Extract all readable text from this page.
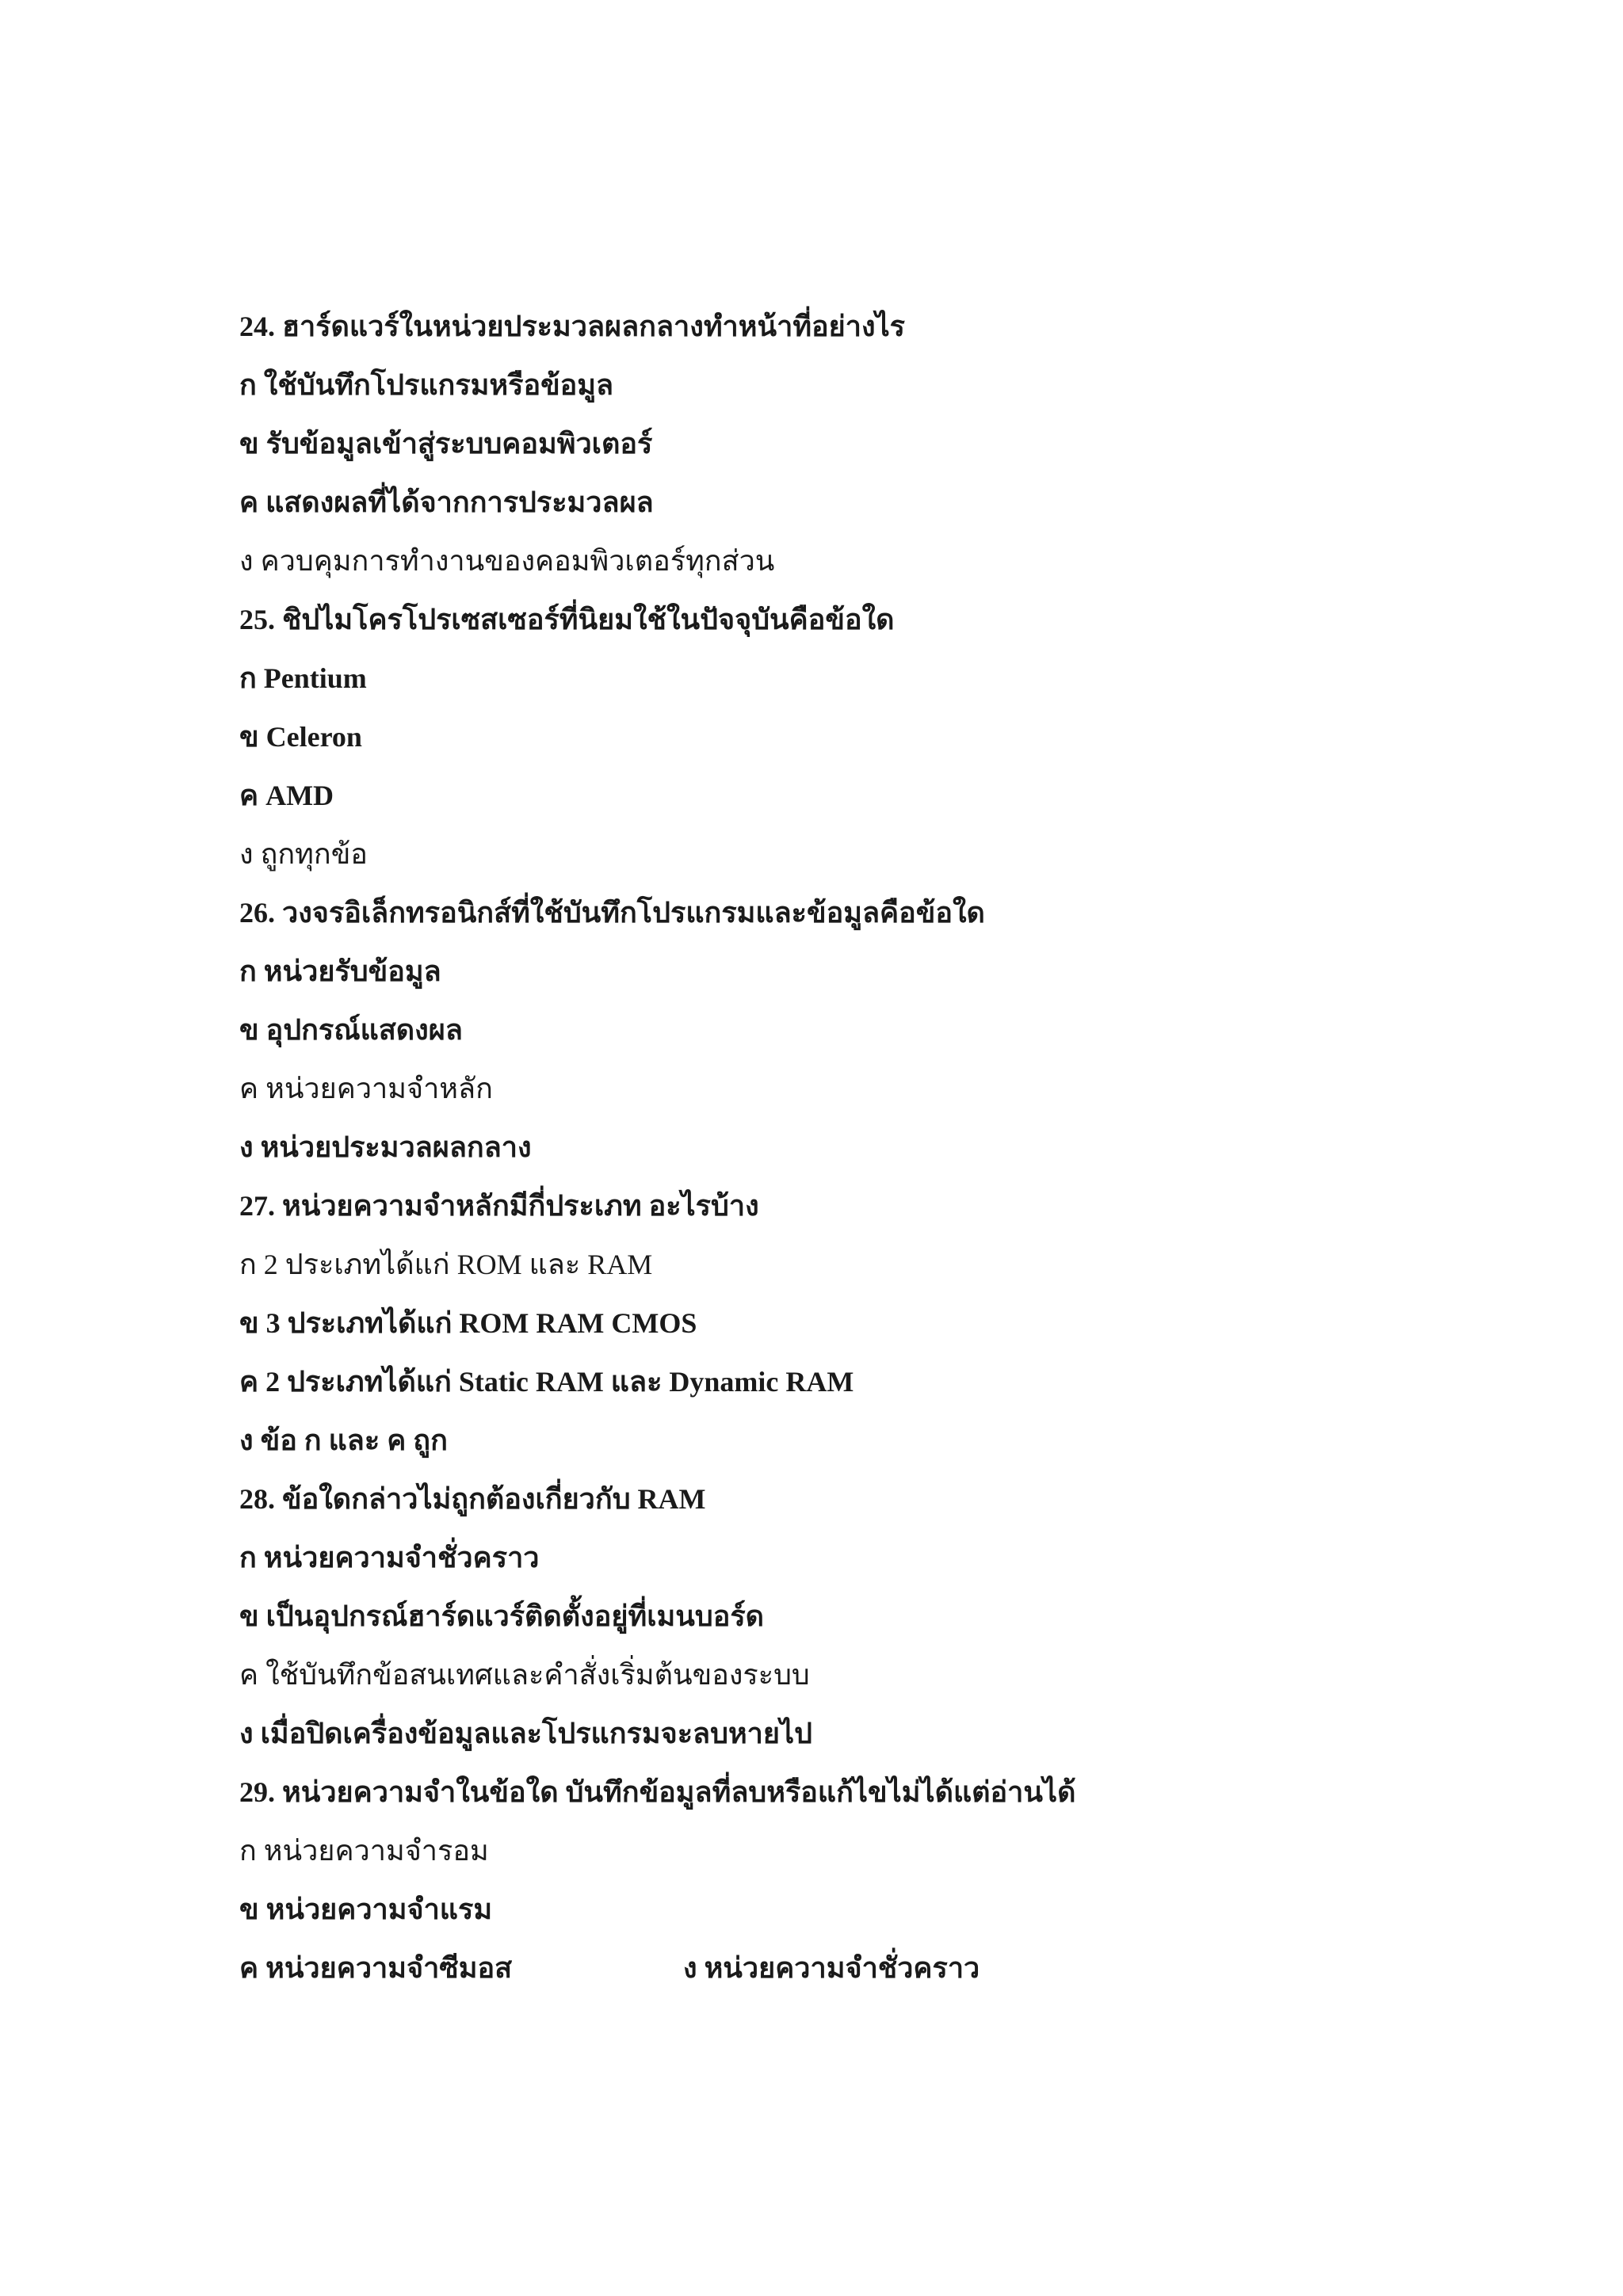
24. ฮาร์ดแวร์ในหน่วยประมวลผลกลางทำหน้าที่อย่างไร
ก ใช้บันทึกโปรแกรมหรือข้อมูล
ข รับข้อมูลเข้าสู่ระบบคอมพิวเตอร์
ค แสดงผลที่ได้จากการประมวลผล
ง ควบคุมการทำงานของคอมพิวเตอร์ทุกส่วน
25. ชิปไมโครโปรเซสเซอร์ที่นิยมใช้ในปัจจุบันคือข้อใด
ก Pentium
ข Celeron
ค AMD
ง ถูกทุกข้อ
26. วงจรอิเล็กทรอนิกส์ที่ใช้บันทึกโปรแกรมและข้อมูลคือข้อใด
ก หน่วยรับข้อมูล
ข อุปกรณ์แสดงผล
ค หน่วยความจำหลัก
ง หน่วยประมวลผลกลาง
27. หน่วยความจำหลักมีกี่ประเภท อะไรบ้าง
ก 2 ประเภทได้แก่ ROM และ RAM
ข 3 ประเภทได้แก่ ROM RAM CMOS
ค 2 ประเภทได้แก่ Static RAM และ Dynamic RAM
ง ข้อ ก และ ค ถูก
28. ข้อใดกล่าวไม่ถูกต้องเกี่ยวกับ RAM
ก หน่วยความจำชั่วคราว
ข เป็นอุปกรณ์ฮาร์ดแวร์ติดตั้งอยู่ที่เมนบอร์ด
ค ใช้บันทึกข้อสนเทศและคำสั่งเริ่มต้นของระบบ
ง เมื่อปิดเครื่องข้อมูลและโปรแกรมจะลบหายไป
29. หน่วยความจำในข้อใด บันทึกข้อมูลที่ลบหรือแก้ไขไม่ได้แต่อ่านได้
ก หน่วยความจำรอม
ข หน่วยความจำแรม
ค หน่วยความจำซีมอส	ง หน่วยความจำชั่วคราว
